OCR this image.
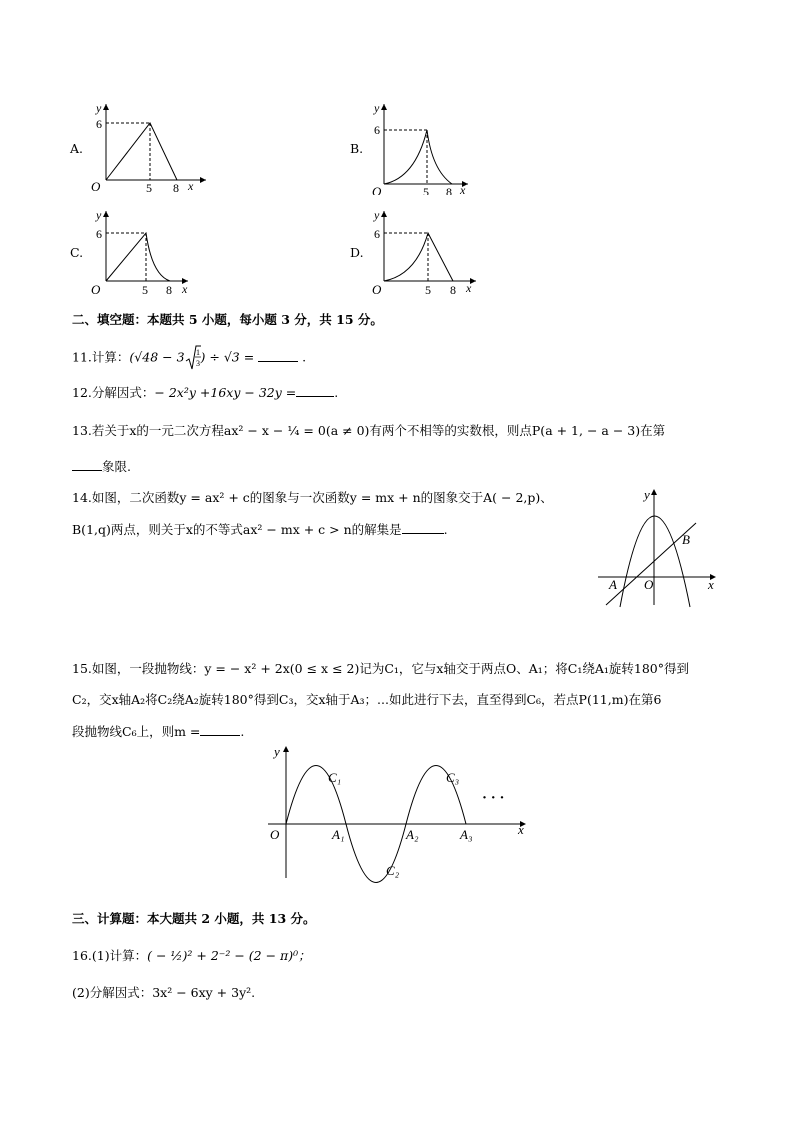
A.
y
6
O	5 8 x
B.
y
6
O	5 8 x
C.
y
6
O	5 8 x
D.
y
6
O	5 8 x
二、填空题：本题共 5 小题，每小题 3 分，共 15 分。
11.计算：(√48 − 3 1
3 ) ÷ √3 =	.
12.分解因式：− 2x²y +16xy − 32y =	.
13.若关于x的一元二次方程ax² − x − ¼ = 0(a ≠ 0)有两个不相等的实数根，则点P(a + 1, − a − 3)在第
象限.
14.如图，二次函数y = ax² + c的图象与一次函数y = mx + n的图象交于A( − 2,p)、
B(1,q)两点，则关于x的不等式ax² − mx + c > n的解集是	.
y
x
A O
B
15.如图，一段抛物线：y = − x² + 2x(0 ≤ x ≤ 2)记为C₁，它与x轴交于两点O、A₁；将C₁绕A₁旋转180°得到
C₂，交x轴A₂将C₂绕A₂旋转180°得到C₃，交x轴于A₃；...如此进行下去，直至得到C₆，若点P(11,m)在第6
段抛物线C₆上，则m =	.
y
x
O
C₁
C₂
C₃
A₁	A₂	A₃
· · ·
三、计算题：本大题共 2 小题，共 13 分。
16.(1)计算：( − ½)² + 2⁻² − (2 − π)⁰；
(2)分解因式：3x² − 6xy + 3y².
